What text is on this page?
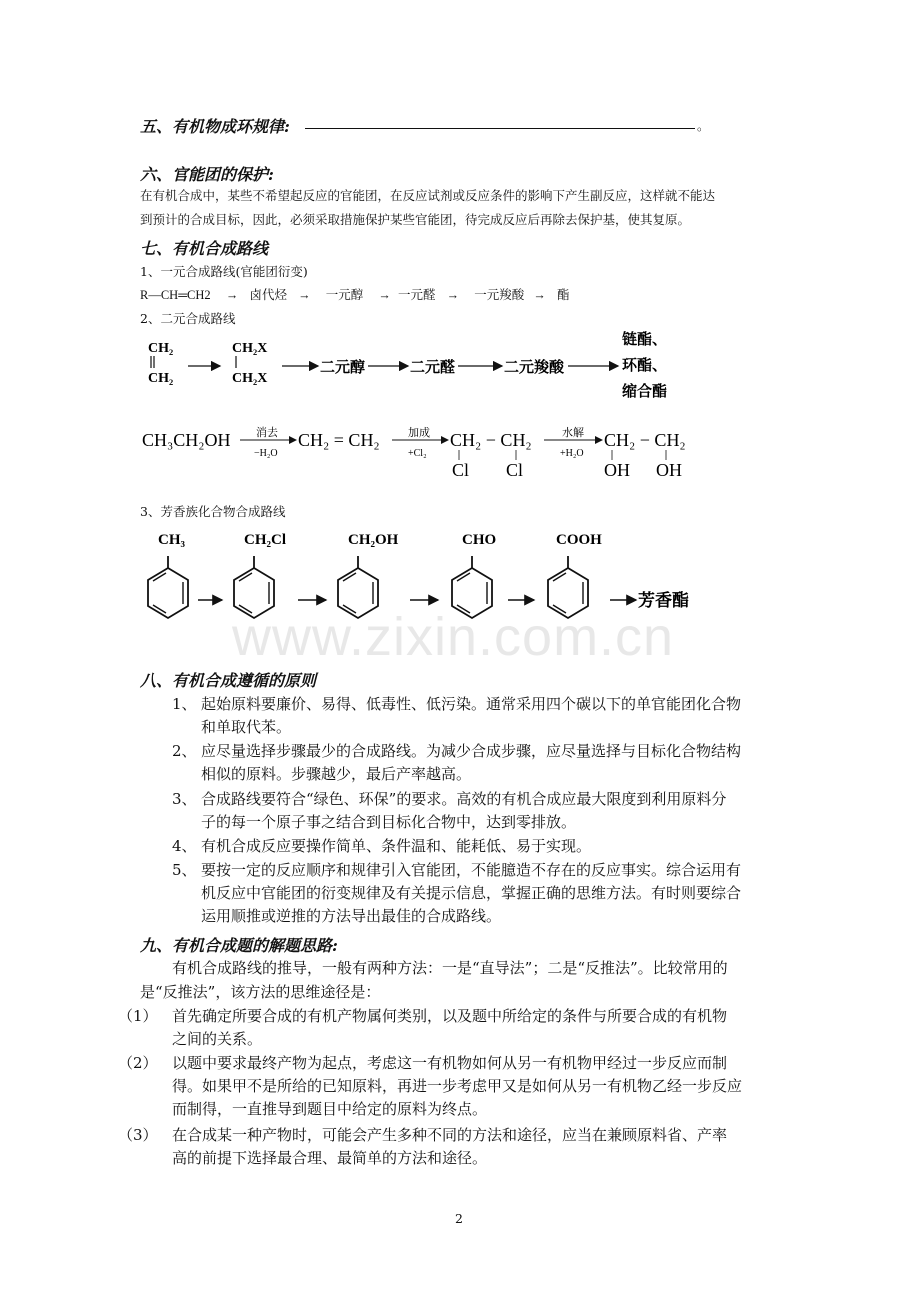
www.zixin.com.cn
五、有机物成环规律:	。
六、官能团的保护:
在有机合成中，某些不希望起反应的官能团，在反应试剂或反应条件的影响下产生副反应，这样就不能达
到预计的合成目标，因此，必须采取措施保护某些官能团，待完成反应后再除去保护基，使其复原。
七、有机合成路线
1、一元合成路线(官能团衍变)
R—CH═CH2 → 卤代烃 → 一元醇 → 一元醛 → 一元羧酸 → 酯
2、二元合成路线
CH₂
CH₂
CH₂X
CH₂X
二元醇	二元醛	二元羧酸
链酯、
环酯、
缩合酯
CH₃CH₂OH 消去
−H₂O
CH₂ = CH₂	加成
+Cl₂
CH₂ − CH₂
Cl Cl
水解
+H₂O
CH₂ − CH₂
OH OH
3、芳香族化合物合成路线
CH₃	CH₂Cl	CH₂OH	CHO	COOH
芳香酯
八、有机合成遵循的原则
1、 起始原料要廉价、易得、低毒性、低污染。通常采用四个碳以下的单官能团化合物
和单取代苯。
2、 应尽量选择步骤最少的合成路线。为减少合成步骤，应尽量选择与目标化合物结构
相似的原料。步骤越少，最后产率越高。
3、 合成路线要符合“绿色、环保”的要求。高效的有机合成应最大限度到利用原料分
子的每一个原子事之结合到目标化合物中，达到零排放。
4、 有机合成反应要操作简单、条件温和、能耗低、易于实现。
5、 要按一定的反应顺序和规律引入官能团，不能臆造不存在的反应事实。综合运用有
机反应中官能团的衍变规律及有关提示信息，掌握正确的思维方法。有时则要综合
运用顺推或逆推的方法导出最佳的合成路线。
九、有机合成题的解题思路:
有机合成路线的推导，一般有两种方法：一是“直导法”；二是“反推法”。比较常用的
是“反推法”，该方法的思维途径是：
（1） 首先确定所要合成的有机产物属何类别，以及题中所给定的条件与所要合成的有机物
之间的关系。
（2） 以题中要求最终产物为起点，考虑这一有机物如何从另一有机物甲经过一步反应而制
得。如果甲不是所给的已知原料，再进一步考虑甲又是如何从另一有机物乙经一步反应
而制得，一直推导到题目中给定的原料为终点。
（3） 在合成某一种产物时，可能会产生多种不同的方法和途径，应当在兼顾原料省、产率
高的前提下选择最合理、最简单的方法和途径。
2
